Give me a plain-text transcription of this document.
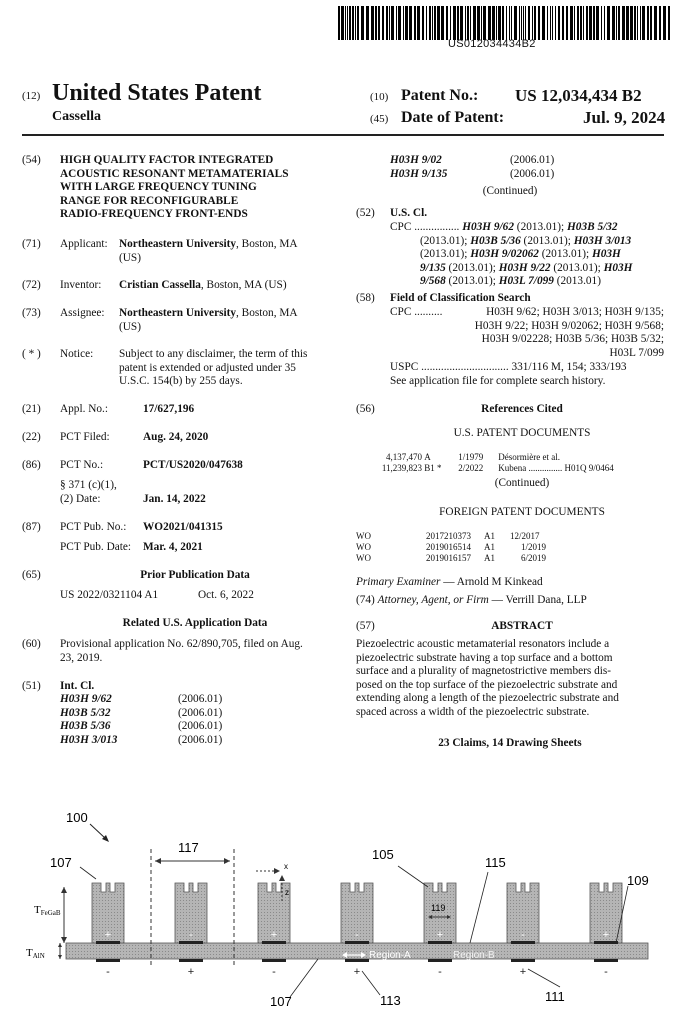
US012034434B2
(12) United States Patent
Cassella
(10) Patent No.: US 12,034,434 B2
(45) Date of Patent:	Jul. 9, 2024
(54) HIGH QUALITY FACTOR INTEGRATED
ACOUSTIC RESONANT METAMATERIALS
WITH LARGE FREQUENCY TUNING
RANGE FOR RECONFIGURABLE
RADIO-FREQUENCY FRONT-ENDS
(71) Applicant: Northeastern University, Boston, MA
(US)
(72) Inventor: Cristian Cassella, Boston, MA (US)
(73) Assignee: Northeastern University, Boston, MA
(US)
( * ) Notice: Subject to any disclaimer, the term of this
patent is extended or adjusted under 35
U.S.C. 154(b) by 255 days.
(21) Appl. No.:	17/627,196
(22) PCT Filed:	Aug. 24, 2020
(86) PCT No.:	PCT/US2020/047638
§ 371 (c)(1),
(2) Date:	Jan. 14, 2022
(87) PCT Pub. No.: WO2021/041315
PCT Pub. Date: Mar. 4, 2021
(65)	Prior Publication Data
US 2022/0321104 A1	Oct. 6, 2022
Related U.S. Application Data
(60) Provisional application No. 62/890,705, filed on Aug.
23, 2019.
(51) Int. Cl.
H03H 9/62	(2006.01)
H03B 5/32	(2006.01)
H03B 5/36	(2006.01)
H03H 3/013	(2006.01)
H03H 9/02	(2006.01)
H03H 9/135	(2006.01)
(Continued)
(52) U.S. Cl.
CPC ................ H03H 9/62 (2013.01); H03B 5/32
(2013.01); H03B 5/36 (2013.01); H03H 3/013
(2013.01); H03H 9/02062 (2013.01); H03H
9/135 (2013.01); H03H 9/22 (2013.01); H03H
9/568 (2013.01); H03L 7/099 (2013.01)
(58) Field of Classification Search
CPC ..........	H03H 9/62; H03H 3/013; H03H 9/135;
H03H 9/22; H03H 9/02062; H03H 9/568;
H03H 9/02228; H03B 5/36; H03B 5/32;
H03L 7/099
USPC ............................... 331/116 M, 154; 333/193
See application file for complete search history.
(56)	References Cited
U.S. PATENT DOCUMENTS
4,137,470 A	1/1979 Désormière et al.
11,239,823 B1 * 2/2022 Kubena ............... H01Q 9/0464
(Continued)
FOREIGN PATENT DOCUMENTS
WO	2017210373 A1 12/2017
WO	2019016514 A1	1/2019
WO	2019016157 A1	6/2019
Primary Examiner — Arnold M Kinkead
(74) Attorney, Agent, or Firm — Verrill Dana, LLP
(57)	ABSTRACT
Piezoelectric acoustic metamaterial resonators include a
piezoelectric substrate having a top surface and a bottom
surface and a plurality of magnetostrictive members dis-
posed on the top surface of the piezoelectric substrate and
extending along a length of the piezoelectric substrate and
spaced across a width of the piezoelectric substrate.
23 Claims, 14 Drawing Sheets
+
-
-
+
+
-
-
+
+
-
-
+
+
-
100
107
117	105
115
109
119
107	113	111
x
z
TFeGaB
TAlN	Region-A	Region-B
